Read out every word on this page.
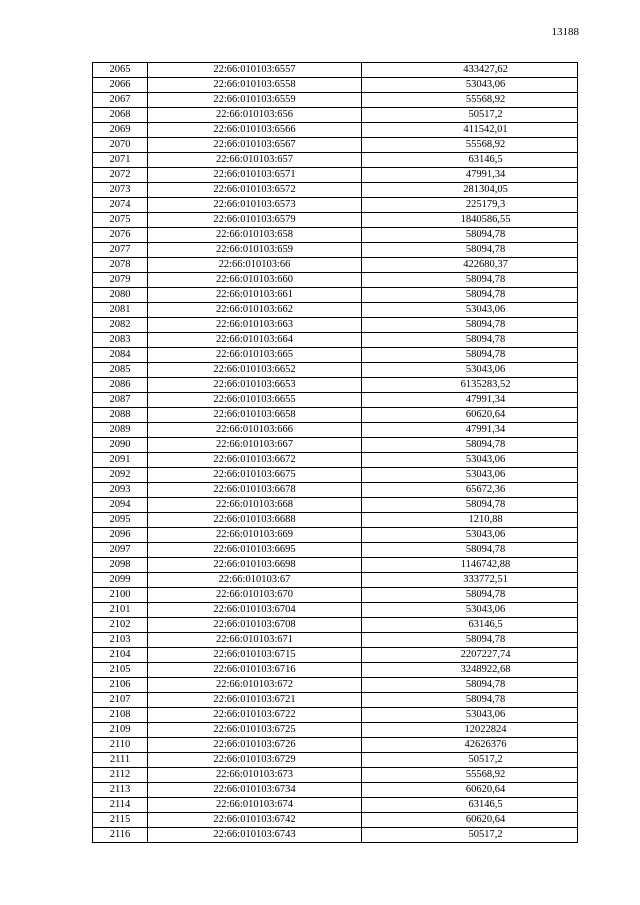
13188
2065	22:66:010103:6557	433427,62
2066	22:66:010103:6558	53043,06
2067	22:66:010103:6559	55568,92
2068	22:66:010103:656	50517,2
2069	22:66:010103:6566	411542,01
2070	22:66:010103:6567	55568,92
2071	22:66:010103:657	63146,5
2072	22:66:010103:6571	47991,34
2073	22:66:010103:6572	281304,05
2074	22:66:010103:6573	225179,3
2075	22:66:010103:6579	1840586,55
2076	22:66:010103:658	58094,78
2077	22:66:010103:659	58094,78
2078	22:66:010103:66	422680,37
2079	22:66:010103:660	58094,78
2080	22:66:010103:661	58094,78
2081	22:66:010103:662	53043,06
2082	22:66:010103:663	58094,78
2083	22:66:010103:664	58094,78
2084	22:66:010103:665	58094,78
2085	22:66:010103:6652	53043,06
2086	22:66:010103:6653	6135283,52
2087	22:66:010103:6655	47991,34
2088	22:66:010103:6658	60620,64
2089	22:66:010103:666	47991,34
2090	22:66:010103:667	58094,78
2091	22:66:010103:6672	53043,06
2092	22:66:010103:6675	53043,06
2093	22:66:010103:6678	65672,36
2094	22:66:010103:668	58094,78
2095	22:66:010103:6688	1210,88
2096	22:66:010103:669	53043,06
2097	22:66:010103:6695	58094,78
2098	22:66:010103:6698	1146742,88
2099	22:66:010103:67	333772,51
2100	22:66:010103:670	58094,78
2101	22:66:010103:6704	53043,06
2102	22:66:010103:6708	63146,5
2103	22:66:010103:671	58094,78
2104	22:66:010103:6715	2207227,74
2105	22:66:010103:6716	3248922,68
2106	22:66:010103:672	58094,78
2107	22:66:010103:6721	58094,78
2108	22:66:010103:6722	53043,06
2109	22:66:010103:6725	12022824
2110	22:66:010103:6726	42626376
2111	22:66:010103:6729	50517,2
2112	22:66:010103:673	55568,92
2113	22:66:010103:6734	60620,64
2114	22:66:010103:674	63146,5
2115	22:66:010103:6742	60620,64
2116	22:66:010103:6743	50517,2
